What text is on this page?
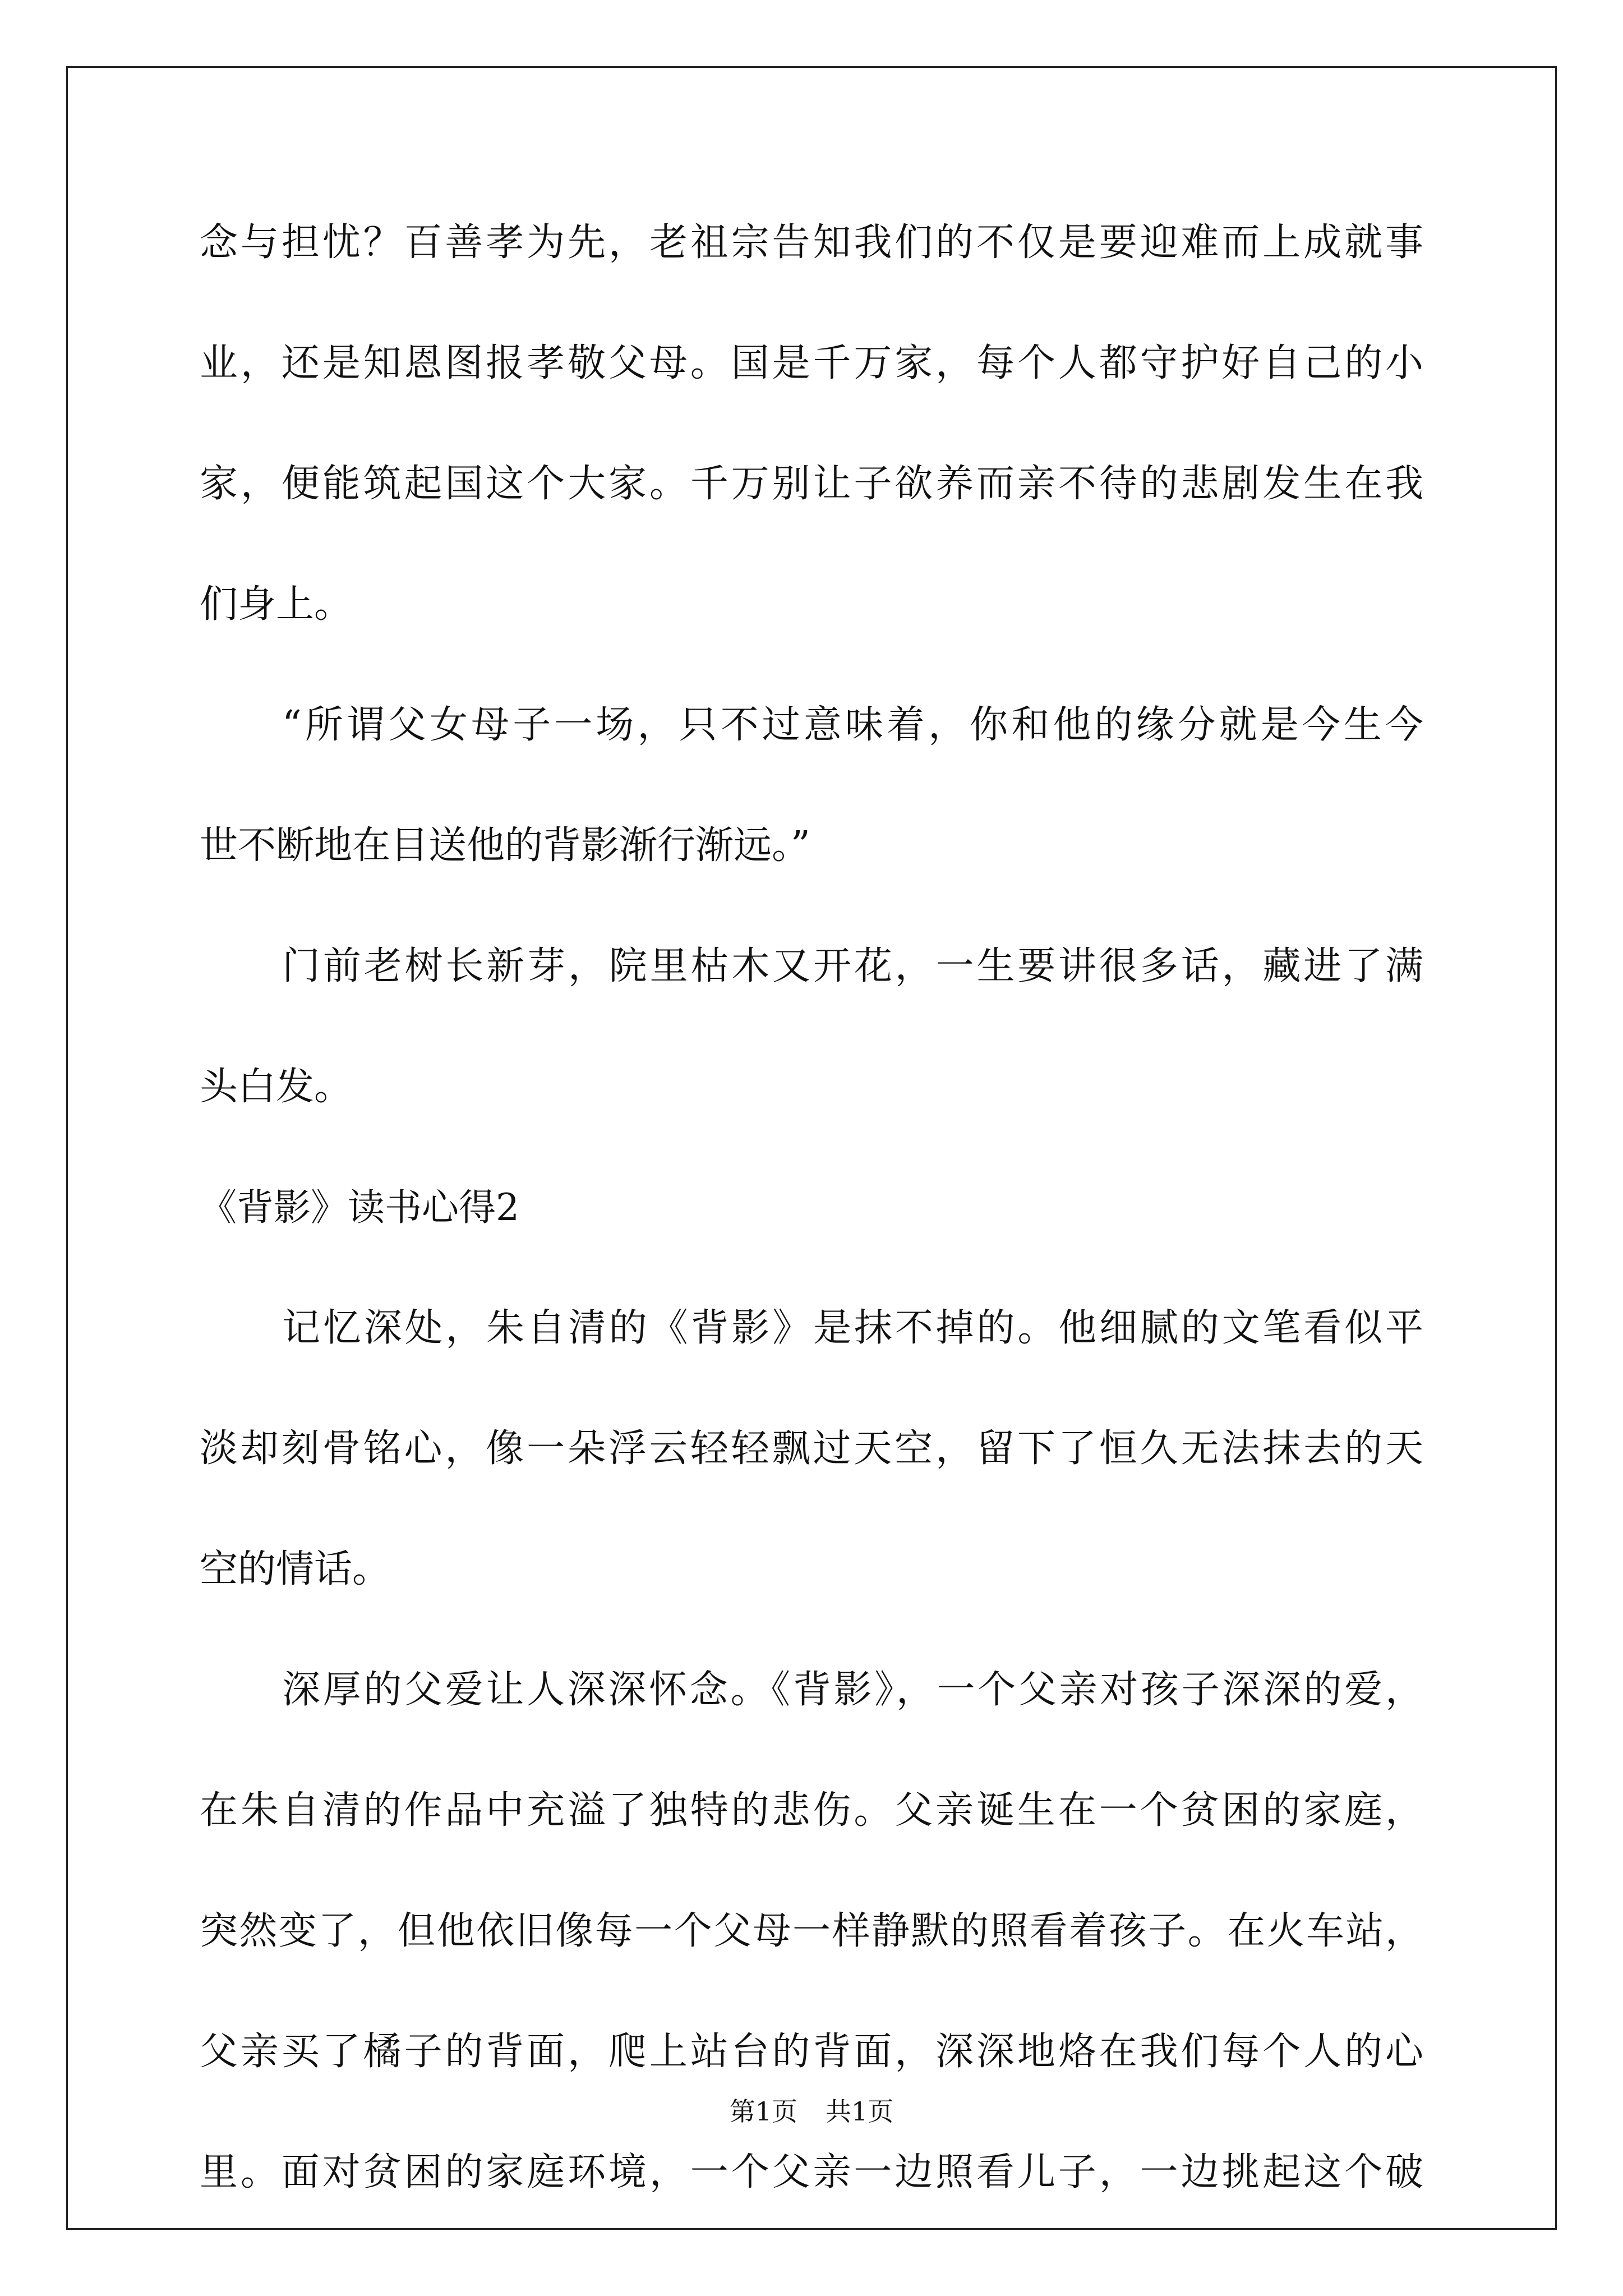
念与担忧？百善孝为先，老祖宗告知我们的不仅是要迎难而上成就事
业，还是知恩图报孝敬父母。国是千万家，每个人都守护好自己的小
家，便能筑起国这个大家。千万别让子欲养而亲不待的悲剧发生在我
们身上。
“所谓父女母子一场，只不过意味着，你和他的缘分就是今生今
世不断地在目送他的背影渐行渐远。”
门前老树长新芽，院里枯木又开花，一生要讲很多话，藏进了满
头白发。
《背影》读书心得2
记忆深处，朱自清的《背影》是抹不掉的。他细腻的文笔看似平
淡却刻骨铭心，像一朵浮云轻轻飘过天空，留下了恒久无法抹去的天
空的情话。
深厚的父爱让人深深怀念。《背影》，一个父亲对孩子深深的爱，
在朱自清的作品中充溢了独特的悲伤。父亲诞生在一个贫困的家庭，
突然变了，但他依旧像每一个父母一样静默的照看着孩子。在火车站，
父亲买了橘子的背面，爬上站台的背面，深深地烙在我们每个人的心
里。面对贫困的家庭环境，一个父亲一边照看儿子，一边挑起这个破
第1页 共1页
